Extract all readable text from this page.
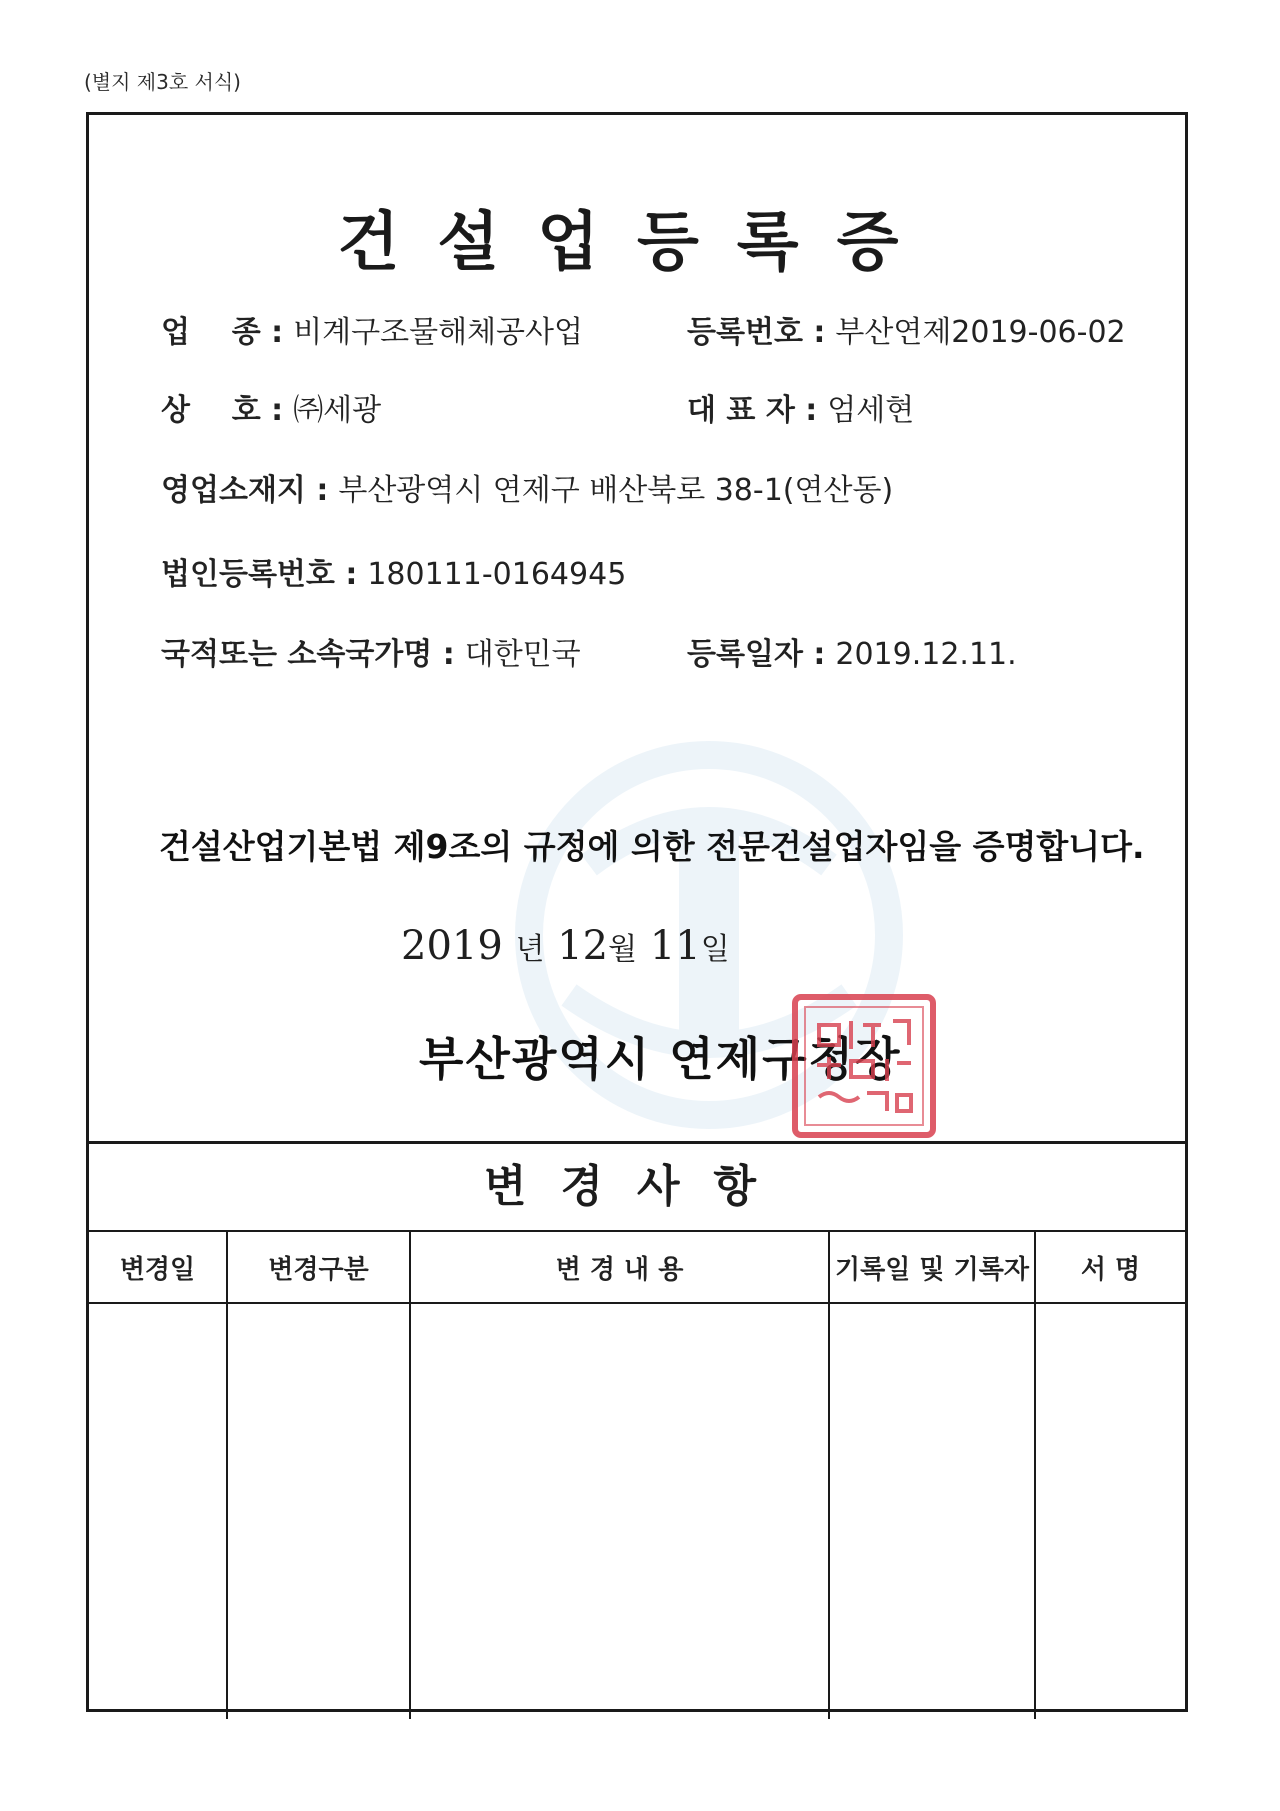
(별지 제3호 서식)
건설업등록증
업    종 : 비계구조물해체공사업	등록번호 : 부산연제2019-06-02
상    호 : ㈜세광	대 표 자 : 엄세현
영업소재지 : 부산광역시 연제구 배산북로 38-1(연산동)
법인등록번호 : 180111-0164945
국적또는 소속국가명 : 대한민국	등록일자 : 2019.12.11.
건설산업기본법 제9조의 규정에 의한 전문건설업자임을 증명합니다.
2019 년 12월 11일
부산광역시 연제구청장
변경사항
변경일	변경구분	변 경 내 용	기록일 및 기록자	서 명
